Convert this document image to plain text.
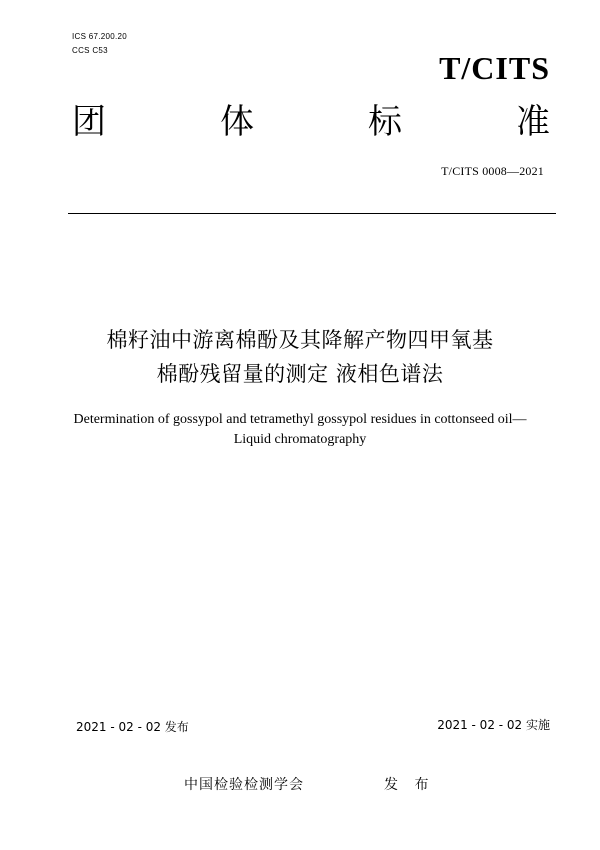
ICS 67.200.20
CCS C53	T/CITS
团	体	标	准
T/CITS 0008—2021
棉籽油中游离棉酚及其降解产物四甲氧基
棉酚残留量的测定 液相色谱法
Determination of gossypol and tetramethyl gossypol residues in cottonseed oil—
Liquid chromatography
2021 - 02 - 02 发布	2021 - 02 - 02 实施
中国检验检测学会	发 布
